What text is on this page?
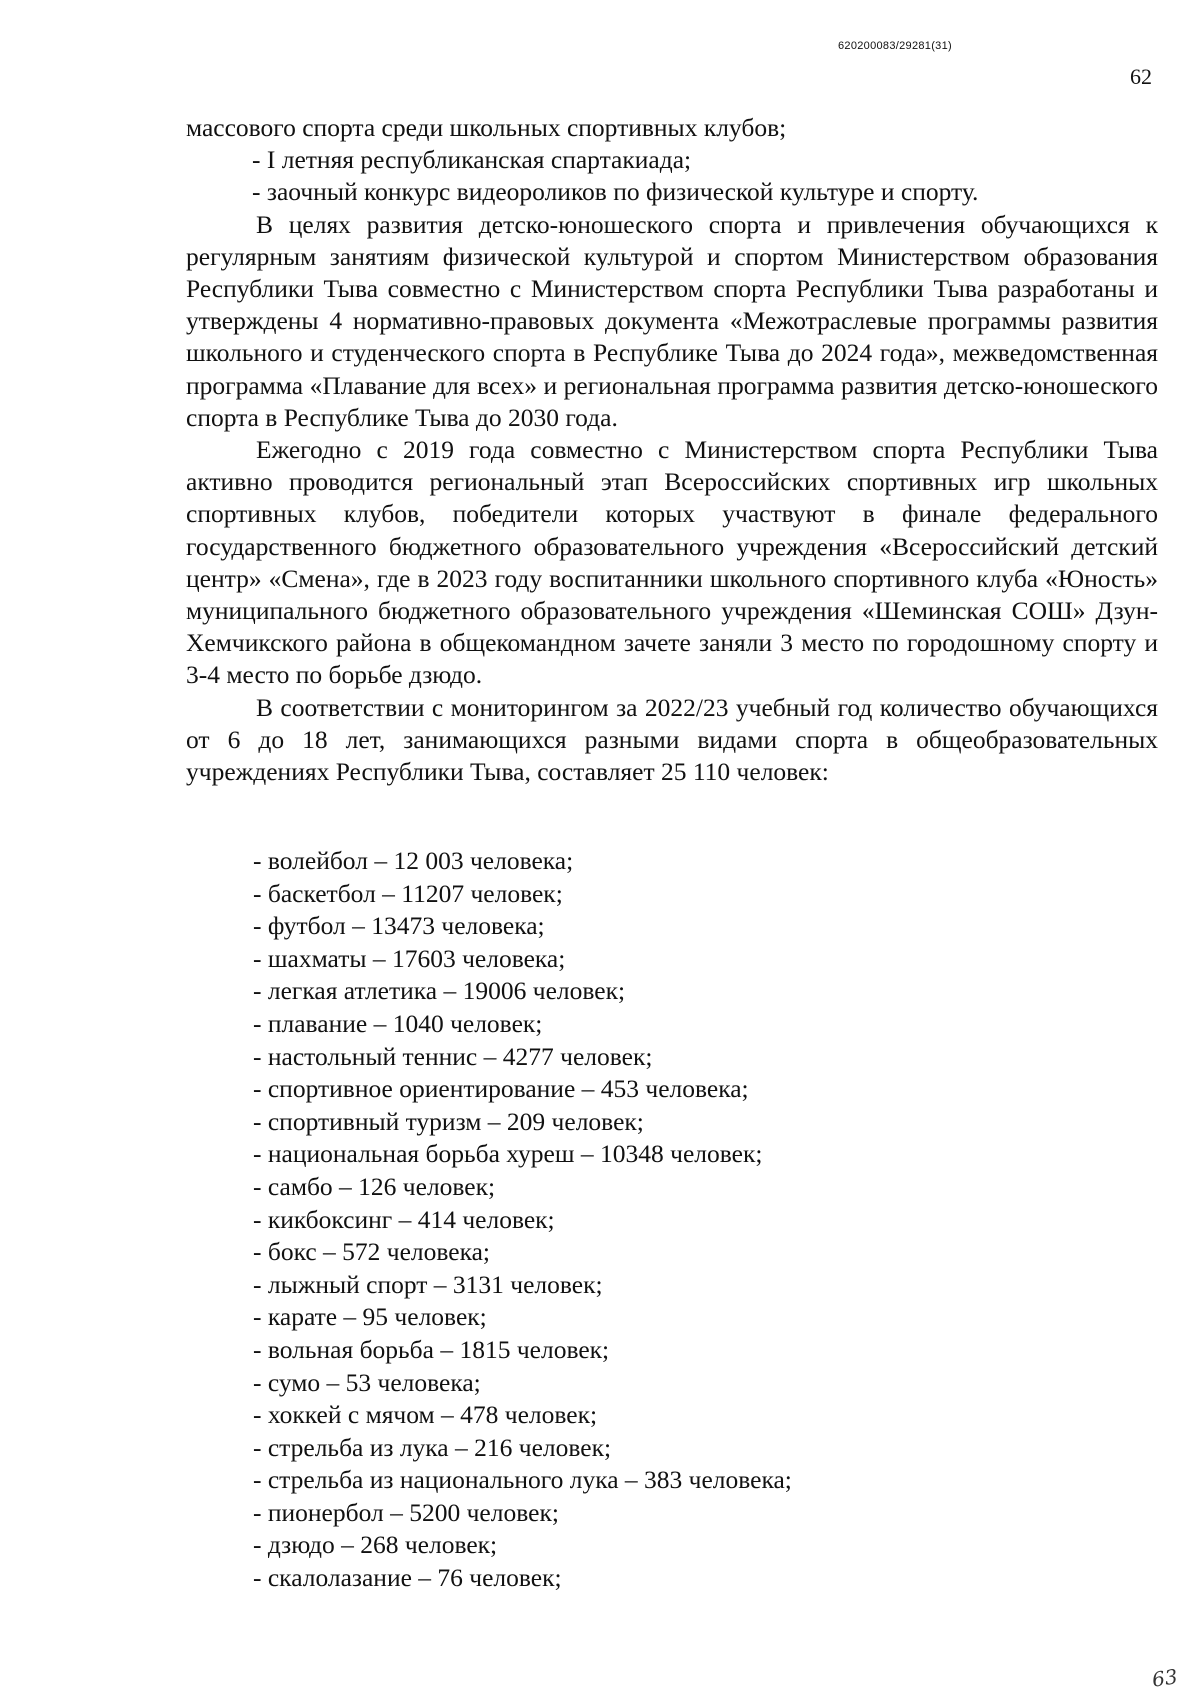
620200083/29281(31)
62

массового спорта среди школьных спортивных клубов;

- I летняя республиканская спартакиада;

- заочный конкурс видеороликов по физической культуре и спорту.

В целях развития детско-юношеского спорта и привлечения обучающихся к регулярным занятиям физической культурой и спортом Министерством образования Республики Тыва совместно с Министерством спорта Республики Тыва разработаны и утверждены 4 нормативно-правовых документа «Межотраслевые программы развития школьного и студенческого спорта в Республике Тыва до 2024 года», межведомственная программа «Плавание для всех» и региональная программа развития детско-юношеского спорта в Республике Тыва до 2030 года.

Ежегодно с 2019 года совместно с Министерством спорта Республики Тыва активно проводится региональный этап Всероссийских спортивных игр школьных спортивных клубов, победители которых участвуют в финале федерального государственного бюджетного образовательного учреждения «Всероссийский детский центр» «Смена», где в 2023 году воспитанники школьного спортивного клуба «Юность» муниципального бюджетного образовательного учреждения «Шеминская СОШ» Дзун-Хемчикского района в общекомандном зачете заняли 3 место по городошному спорту и 3-4 место по борьбе дзюдо.

В соответствии с мониторингом за 2022/23 учебный год количество обучающихся от 6 до 18 лет, занимающихся разными видами спорта в общеобразовательных учреждениях Республики Тыва, составляет 25 110 человек:

- волейбол – 12 003 человека;

- баскетбол – 11207 человек;

- футбол – 13473 человека;

- шахматы – 17603 человека;

- легкая атлетика – 19006 человек;

- плавание – 1040 человек;

- настольный теннис – 4277 человек;

- спортивное ориентирование – 453 человека;

- спортивный туризм – 209 человек;

- национальная борьба хуреш – 10348 человек;

- самбо – 126 человек;

- кикбоксинг – 414 человек;

- бокс – 572 человека;

- лыжный спорт – 3131 человек;

- карате – 95 человек;

- вольная борьба – 1815 человек;

- сумо – 53 человека;

- хоккей с мячом – 478 человек;

- стрельба из лука – 216 человек;

- стрельба из национального лука – 383 человека;

- пионербол – 5200 человек;

- дзюдо – 268 человек;

- скалолазание – 76 человек;

63
